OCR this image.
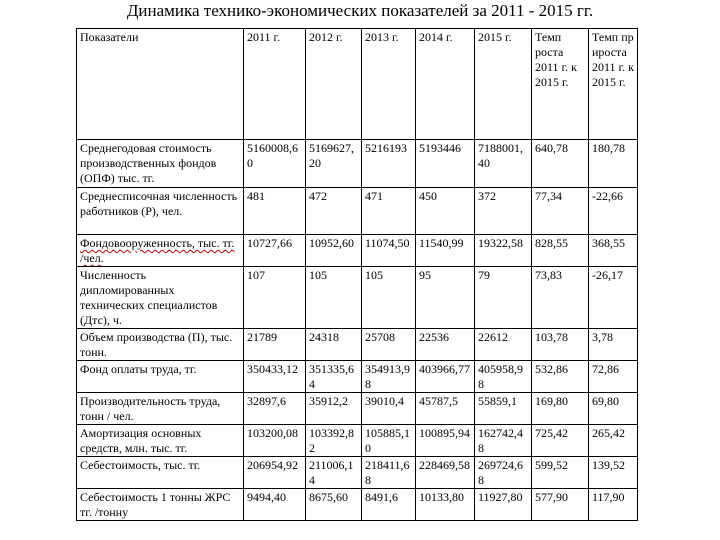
Динамика технико-экономических показателей за 2011 - 2015 гг.
Показатели	2011 г.	2012 г.	2013 г.	2014 г.	2015 г.	Темп роста 2011 г. к 2015 г.	Темп прироста 2011 г. к 2015 г.
Среднегодовая стоимость производственных фондов (ОПФ) тыс. тг.	5160008,60	5169627,20	5216193	5193446	7188001,40	640,78	180,78
Среднесписочная численность работников (Р), чел.	481	472	471	450	372	77,34	-22,66
Фондовооруженность, тыс. тг. /чел.	10727,66	10952,60	11074,50	11540,99	19322,58	828,55	368,55
Численность дипломированных технических специалистов (Дтс), ч.	107	105	105	95	79	73,83	-26,17
Объем производства (П), тыс. тонн.	21789	24318	25708	22536	22612	103,78	3,78
Фонд оплаты труда, тг.	350433,12	351335,64	354913,98	403966,77	405958,98	532,86	72,86
Производительность труда, тонн / чел.	32897,6	35912,2	39010,4	45787,5	55859,1	169,80	69,80
Амортизация основных средств, млн. тыс. тг.	103200,08	103392,82	105885,10	100895,94	162742,48	725,42	265,42
Себестоимость, тыс. тг.	206954,92	211006,14	218411,68	228469,58	269724,68	599,52	139,52
Себестоимость 1 тонны ЖРС тг. /тонну	9494,40	8675,60	8491,6	10133,80	11927,80	577,90	117,90
